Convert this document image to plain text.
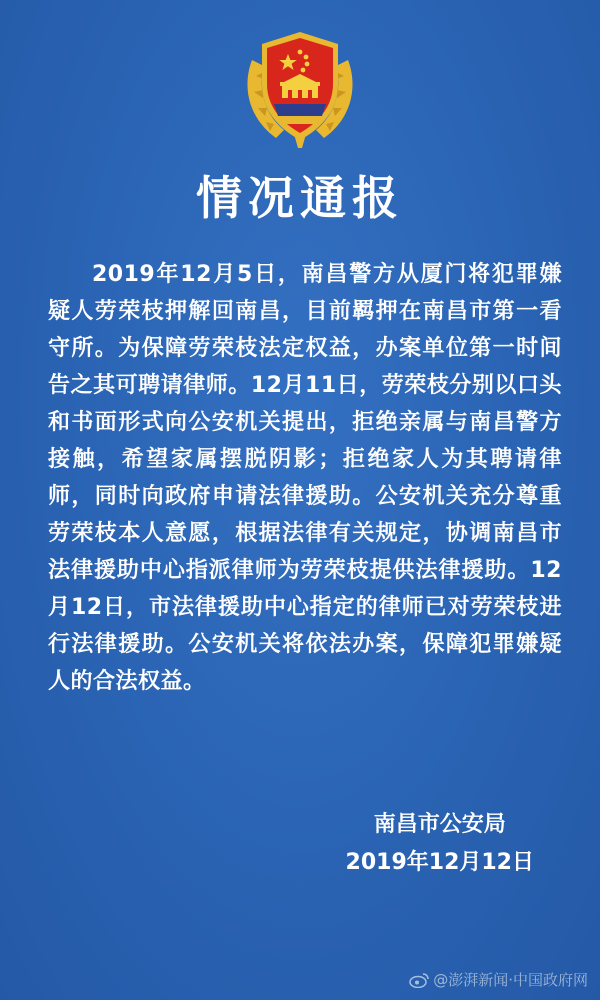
情况通报
2019年12月5日，南昌警方从厦门将犯罪嫌疑人劳荣枝押解回南昌，目前羁押在南昌市第一看守所。为保障劳荣枝法定权益，办案单位第一时间告之其可聘请律师。12月11日，劳荣枝分别以口头和书面形式向公安机关提出，拒绝亲属与南昌警方接触，希望家属摆脱阴影；拒绝家人为其聘请律师，同时向政府申请法律援助。公安机关充分尊重劳荣枝本人意愿，根据法律有关规定，协调南昌市法律援助中心指派律师为劳荣枝提供法律援助。12月12日，市法律援助中心指定的律师已对劳荣枝进行法律援助。公安机关将依法办案，保障犯罪嫌疑人的合法权益。
南昌市公安局
2019年12月12日
@澎湃新闻·中国政府网
